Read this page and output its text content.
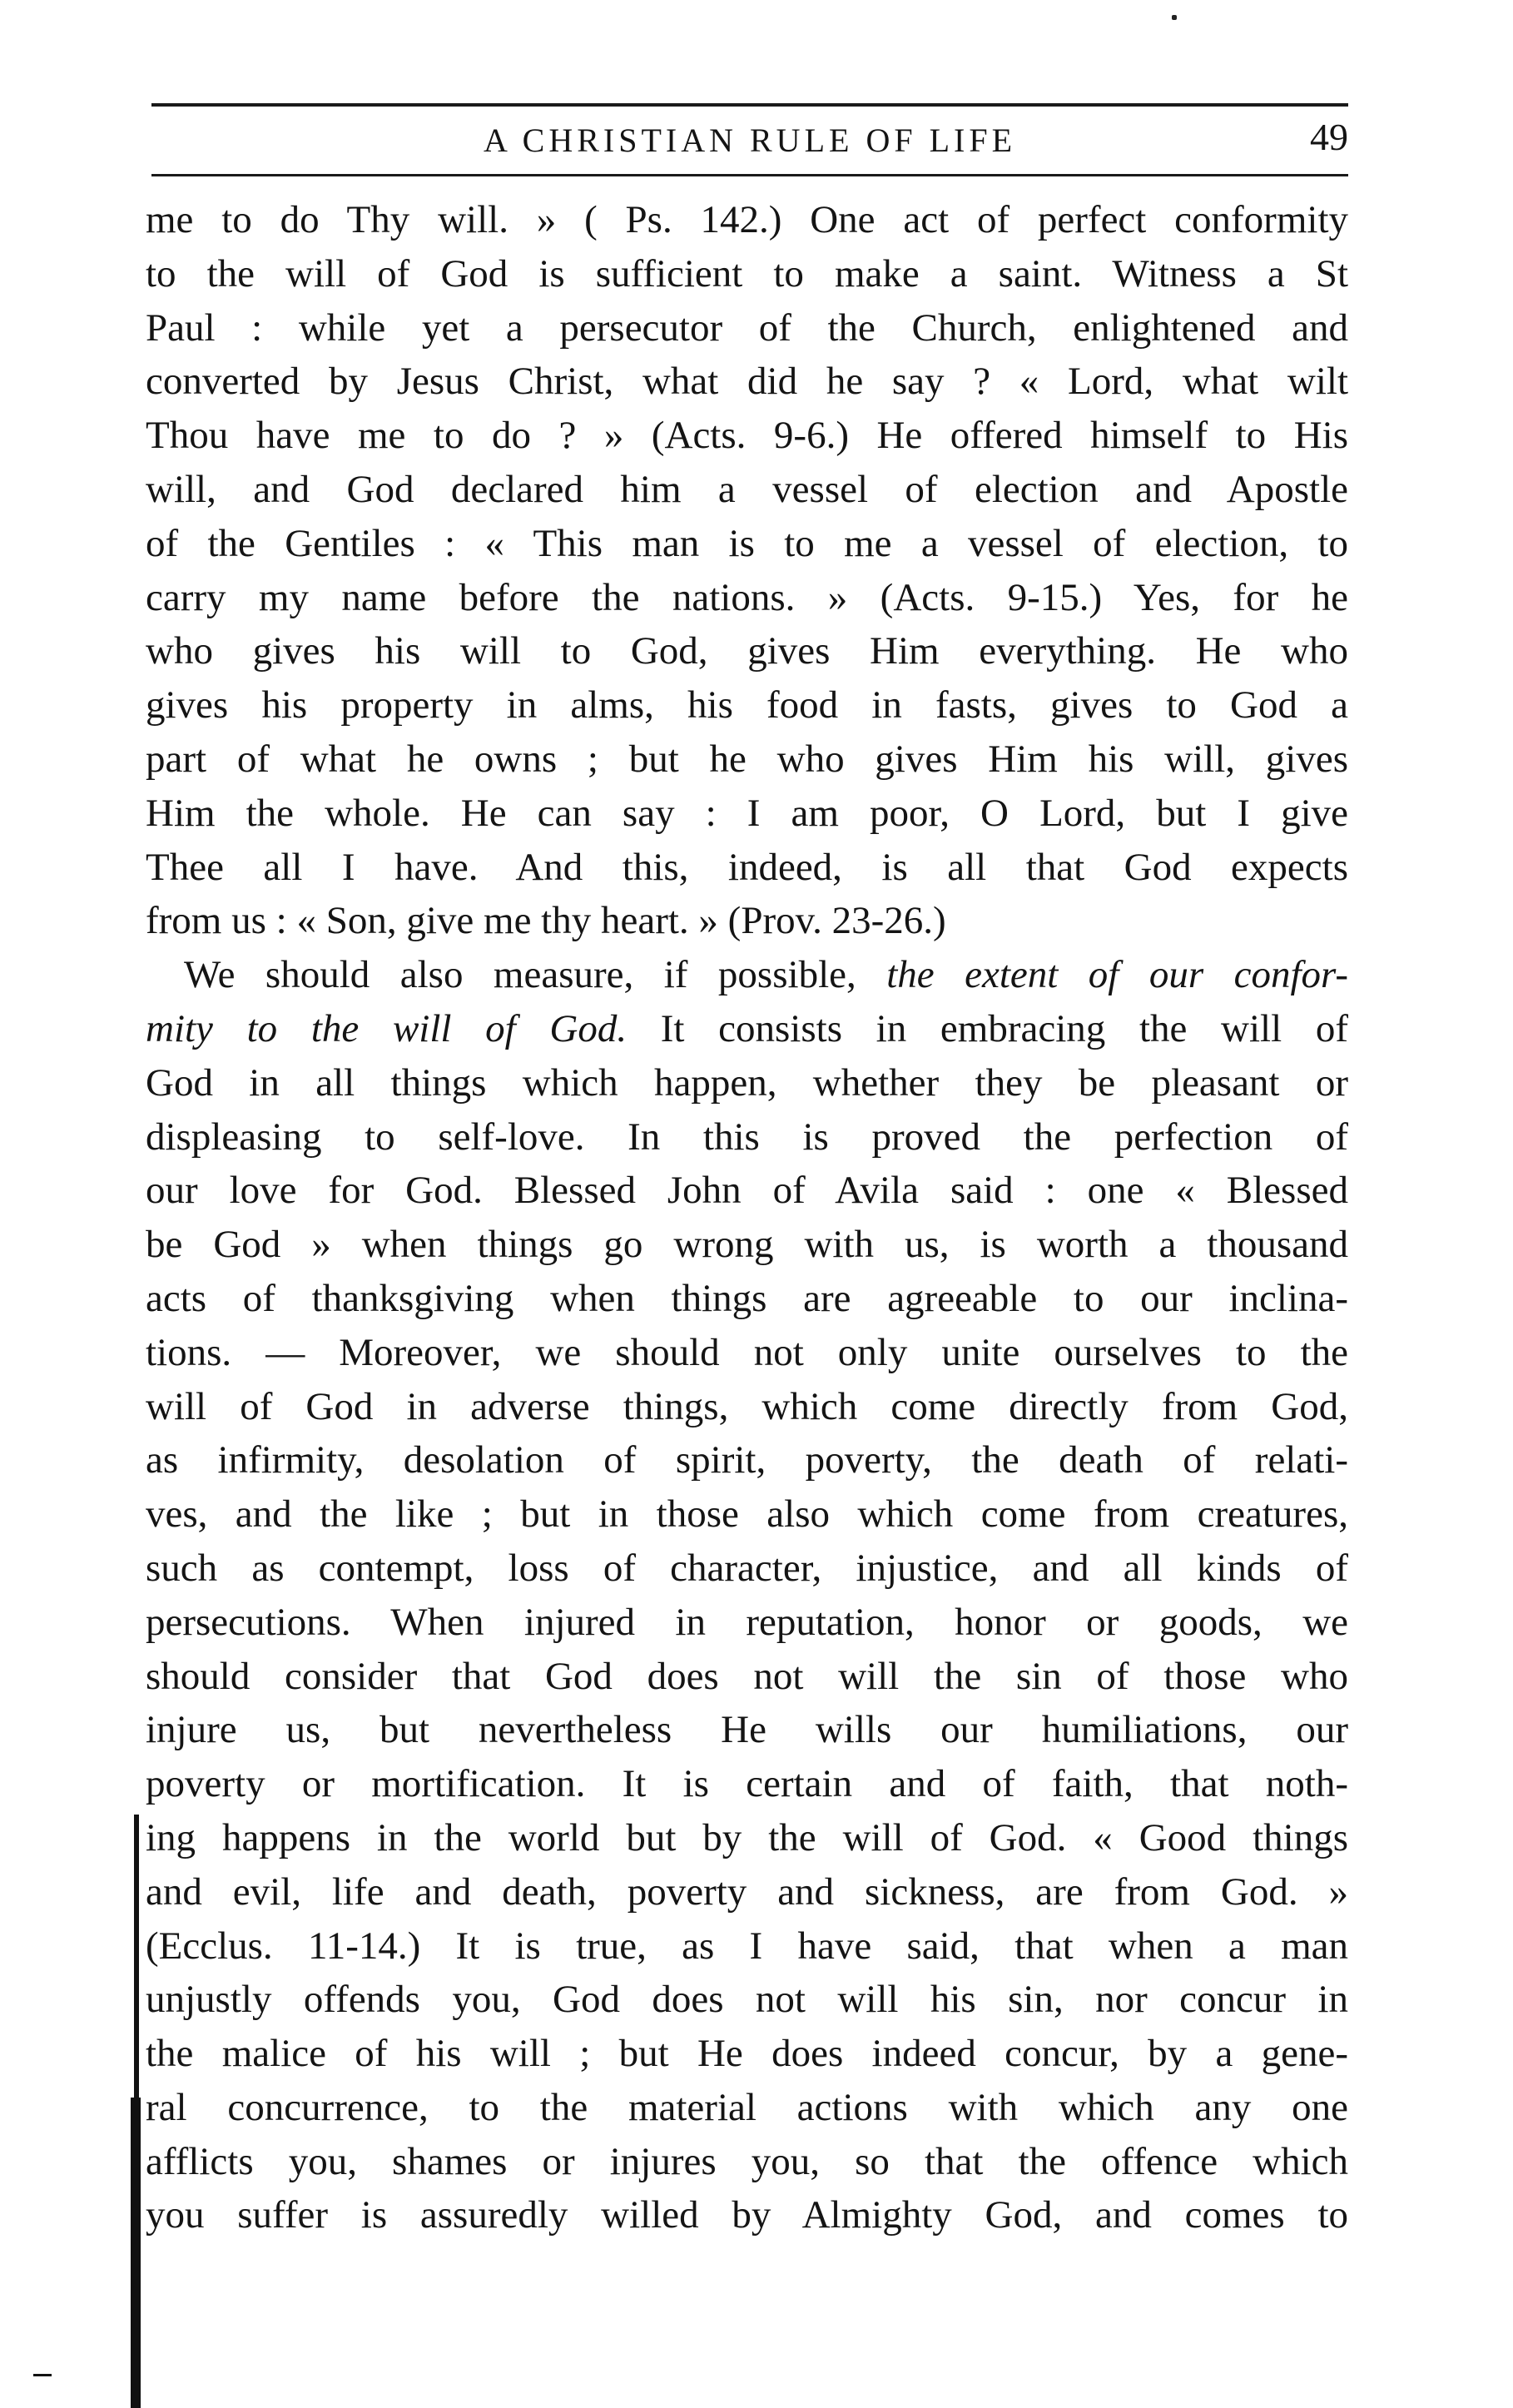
A CHRISTIAN RULE OF LIFE	49
me to do Thy will. » ( Ps. 142.) One act of perfect conformity
to the will of God is sufficient to make a saint. Witness a St
Paul : while yet a persecutor of the Church, enlightened and
converted by Jesus Christ, what did he say ? « Lord, what wilt
Thou have me to do ? » (Acts. 9-6.) He offered himself to His
will, and God declared him a vessel of election and Apostle
of the Gentiles : « This man is to me a vessel of election, to
carry my name before the nations. » (Acts. 9-15.) Yes, for he
who gives his will to God, gives Him everything. He who
gives his property in alms, his food in fasts, gives to God a
part of what he owns ; but he who gives Him his will, gives
Him the whole. He can say : I am poor, O Lord, but I give
Thee all I have. And this, indeed, is all that God expects
from us : « Son, give me thy heart. » (Prov. 23-26.)
We should also measure, if possible, the extent of our confor-
mity to the will of God. It consists in embracing the will of
God in all things which happen, whether they be pleasant or
displeasing to self-love. In this is proved the perfection of
our love for God. Blessed John of Avila said : one « Blessed
be God » when things go wrong with us, is worth a thousand
acts of thanksgiving when things are agreeable to our inclina-
tions. — Moreover, we should not only unite ourselves to the
will of God in adverse things, which come directly from God,
as infirmity, desolation of spirit, poverty, the death of relati-
ves, and the like ; but in those also which come from creatures,
such as contempt, loss of character, injustice, and all kinds of
persecutions. When injured in reputation, honor or goods, we
should consider that God does not will the sin of those who
injure us, but nevertheless He wills our humiliations, our
poverty or mortification. It is certain and of faith, that noth-
ing happens in the world but by the will of God. « Good things
and evil, life and death, poverty and sickness, are from God. »
(Ecclus. 11-14.) It is true, as I have said, that when a man
unjustly offends you, God does not will his sin, nor concur in
the malice of his will ; but He does indeed concur, by a gene-
ral concurrence, to the material actions with which any one
afflicts you, shames or injures you, so that the offence which
you suffer is assuredly willed by Almighty God, and comes to
